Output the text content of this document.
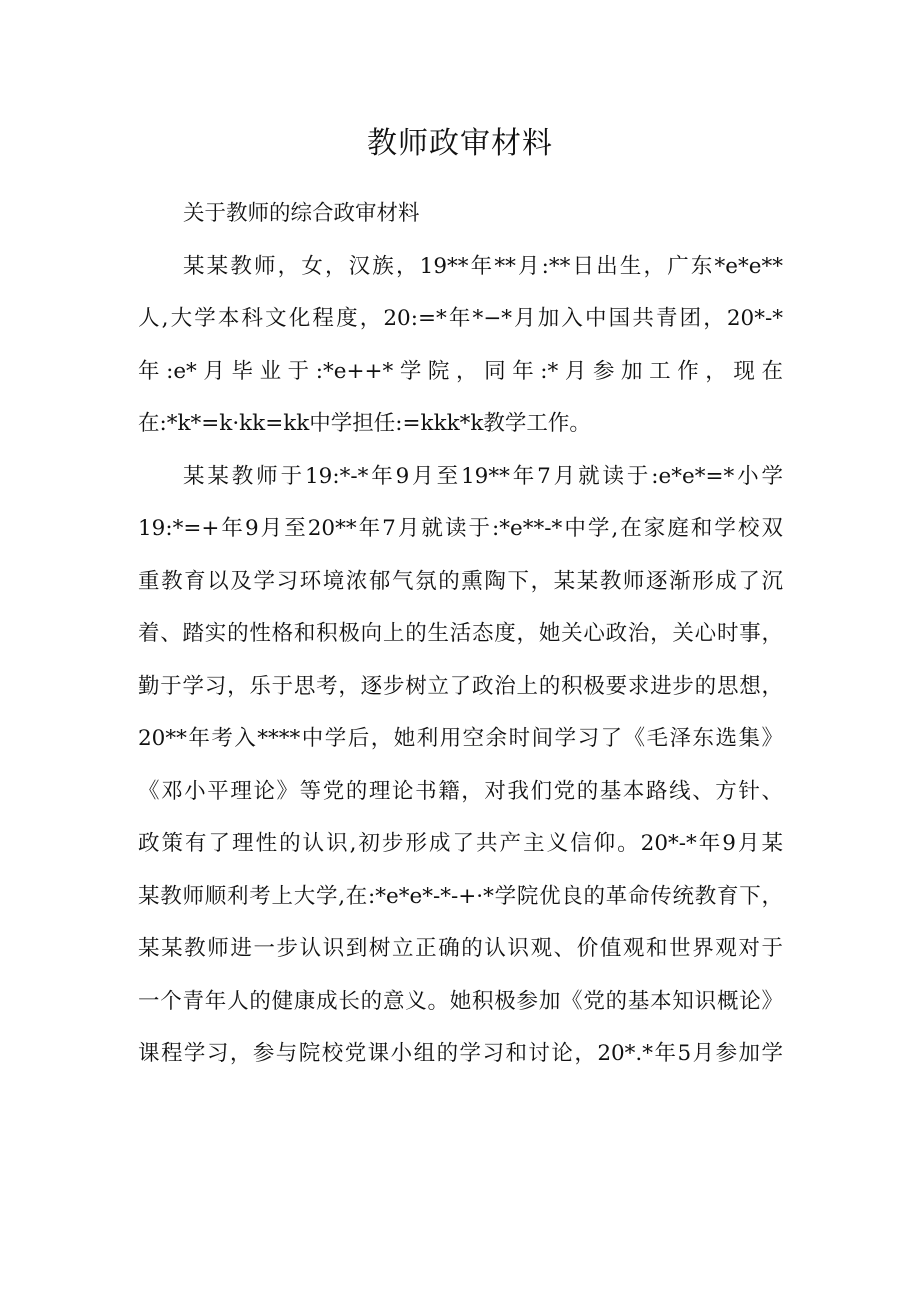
教师政审材料

关于教师的综合政审材料

某某教师，女，汉族，19**年**月:**日出生，广东*e*e**
人,大学本科文化程度，20:=*年*−*月加入中国共青团，20*-*
年:e*月毕业于:*e++*学院，同年:*月参加工作，现在
在:*k*=k·kk=kk中学担任:=kkk*k教学工作。
某某教师于19:*-*年9月至19**年7月就读于:e*e*=*小学
19:*=+年9月至20**年7月就读于:*e**-*中学,在家庭和学校双
重教育以及学习环境浓郁气氛的熏陶下，某某教师逐渐形成了沉
着、踏实的性格和积极向上的生活态度，她关心政治，关心时事，
勤于学习，乐于思考，逐步树立了政治上的积极要求进步的思想，
20**年考入****中学后，她利用空余时间学习了《毛泽东选集》
《邓小平理论》等党的理论书籍，对我们党的基本路线、方针、
政策有了理性的认识,初步形成了共产主义信仰。20*-*年9月某
某教师顺利考上大学,在:*e*e*-*-+·*学院优良的革命传统教育下，
某某教师进一步认识到树立正确的认识观、价值观和世界观对于
一个青年人的健康成长的意义。她积极参加《党的基本知识概论》
课程学习，参与院校党课小组的学习和讨论，20*.*年5月参加学
